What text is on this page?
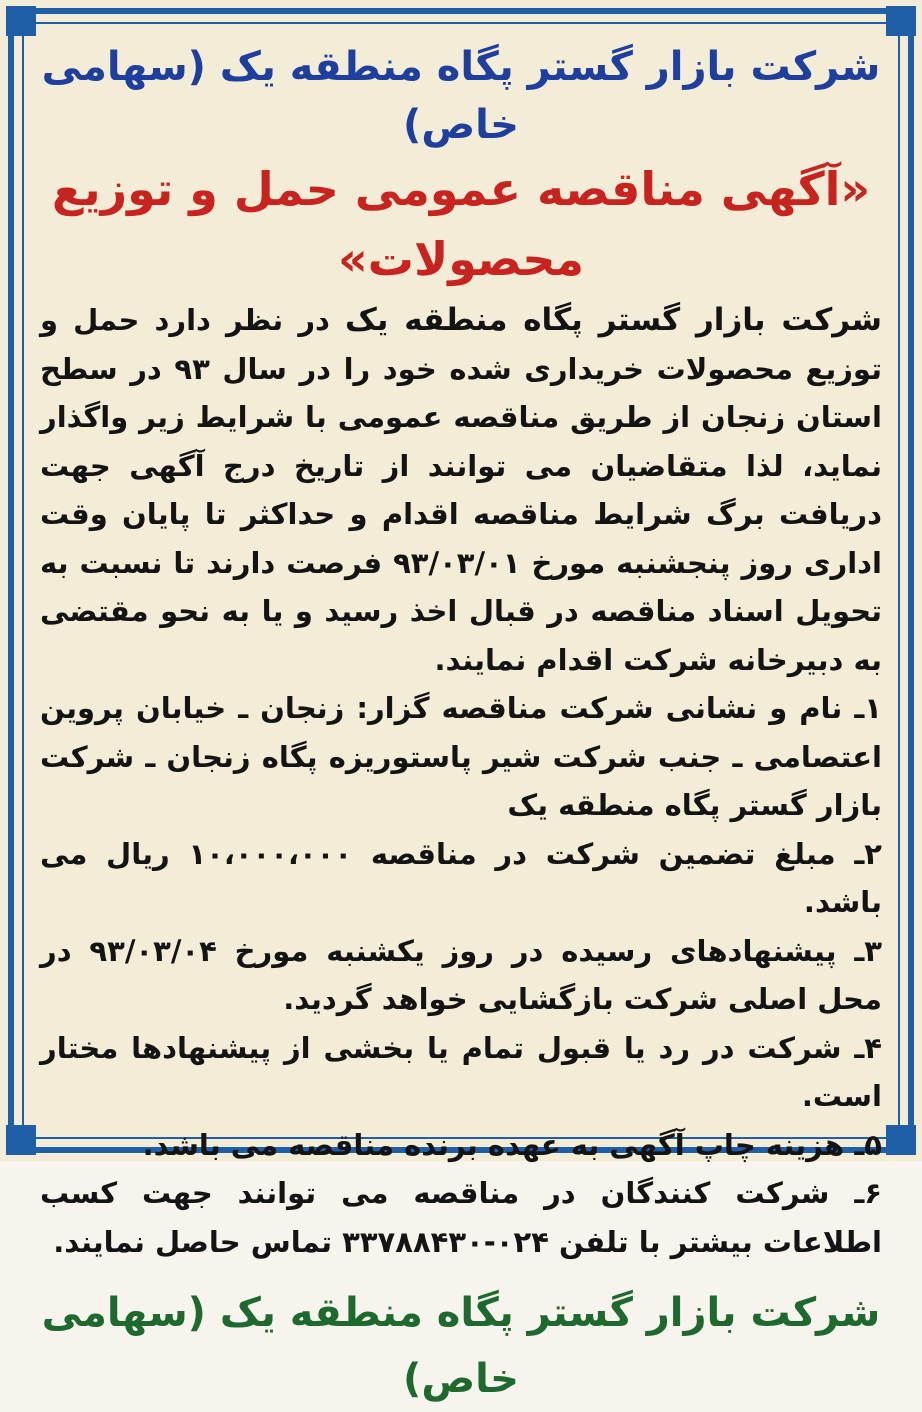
شرکت بازار گستر پگاه منطقه یک (سهامی خاص)
«آگهی مناقصه عمومی حمل و توزیع محصولات»
شرکت بازار گستر پگاه منطقه یک در نظر دارد حمل و توزیع محصولات خریداری شده خود را در سال ۹۳ در سطح استان زنجان از طریق مناقصه عمومی با شرایط زیر واگذار نماید، لذا متقاضیان می توانند از تاریخ درج آگهی جهت دریافت برگ شرایط مناقصه اقدام و حداکثر تا پایان وقت اداری روز پنجشنبه مورخ ۹۳/۰۳/۰۱ فرصت دارند تا نسبت به تحویل اسناد مناقصه در قبال اخذ رسید و یا به نحو مقتضی به دبیرخانه شرکت اقدام نمایند.
۱ـ نام و نشانی شرکت مناقصه گزار: زنجان ـ خیابان پروین اعتصامی ـ جنب شرکت شیر پاستوریزه پگاه زنجان ـ شرکت بازار گستر پگاه منطقه یک
۲ـ مبلغ تضمین شرکت در مناقصه ۱۰،۰۰۰،۰۰۰ ریال می باشد.
۳ـ پیشنهادهای رسیده در روز یکشنبه مورخ ۹۳/۰۳/۰۴ در محل اصلی شرکت بازگشایی خواهد گردید.
۴ـ شرکت در رد یا قبول تمام یا بخشی از پیشنهادها مختار است.
۵ـ هزینه چاپ آگهی به عهده برنده مناقصه می باشد.
۶ـ شرکت کنندگان در مناقصه می توانند جهت کسب اطلاعات بیشتر با تلفن ۰۲۴-۳۳۷۸۸۴۳۰ تماس حاصل نمایند.
شرکت بازار گستر پگاه منطقه یک (سهامی خاص)
